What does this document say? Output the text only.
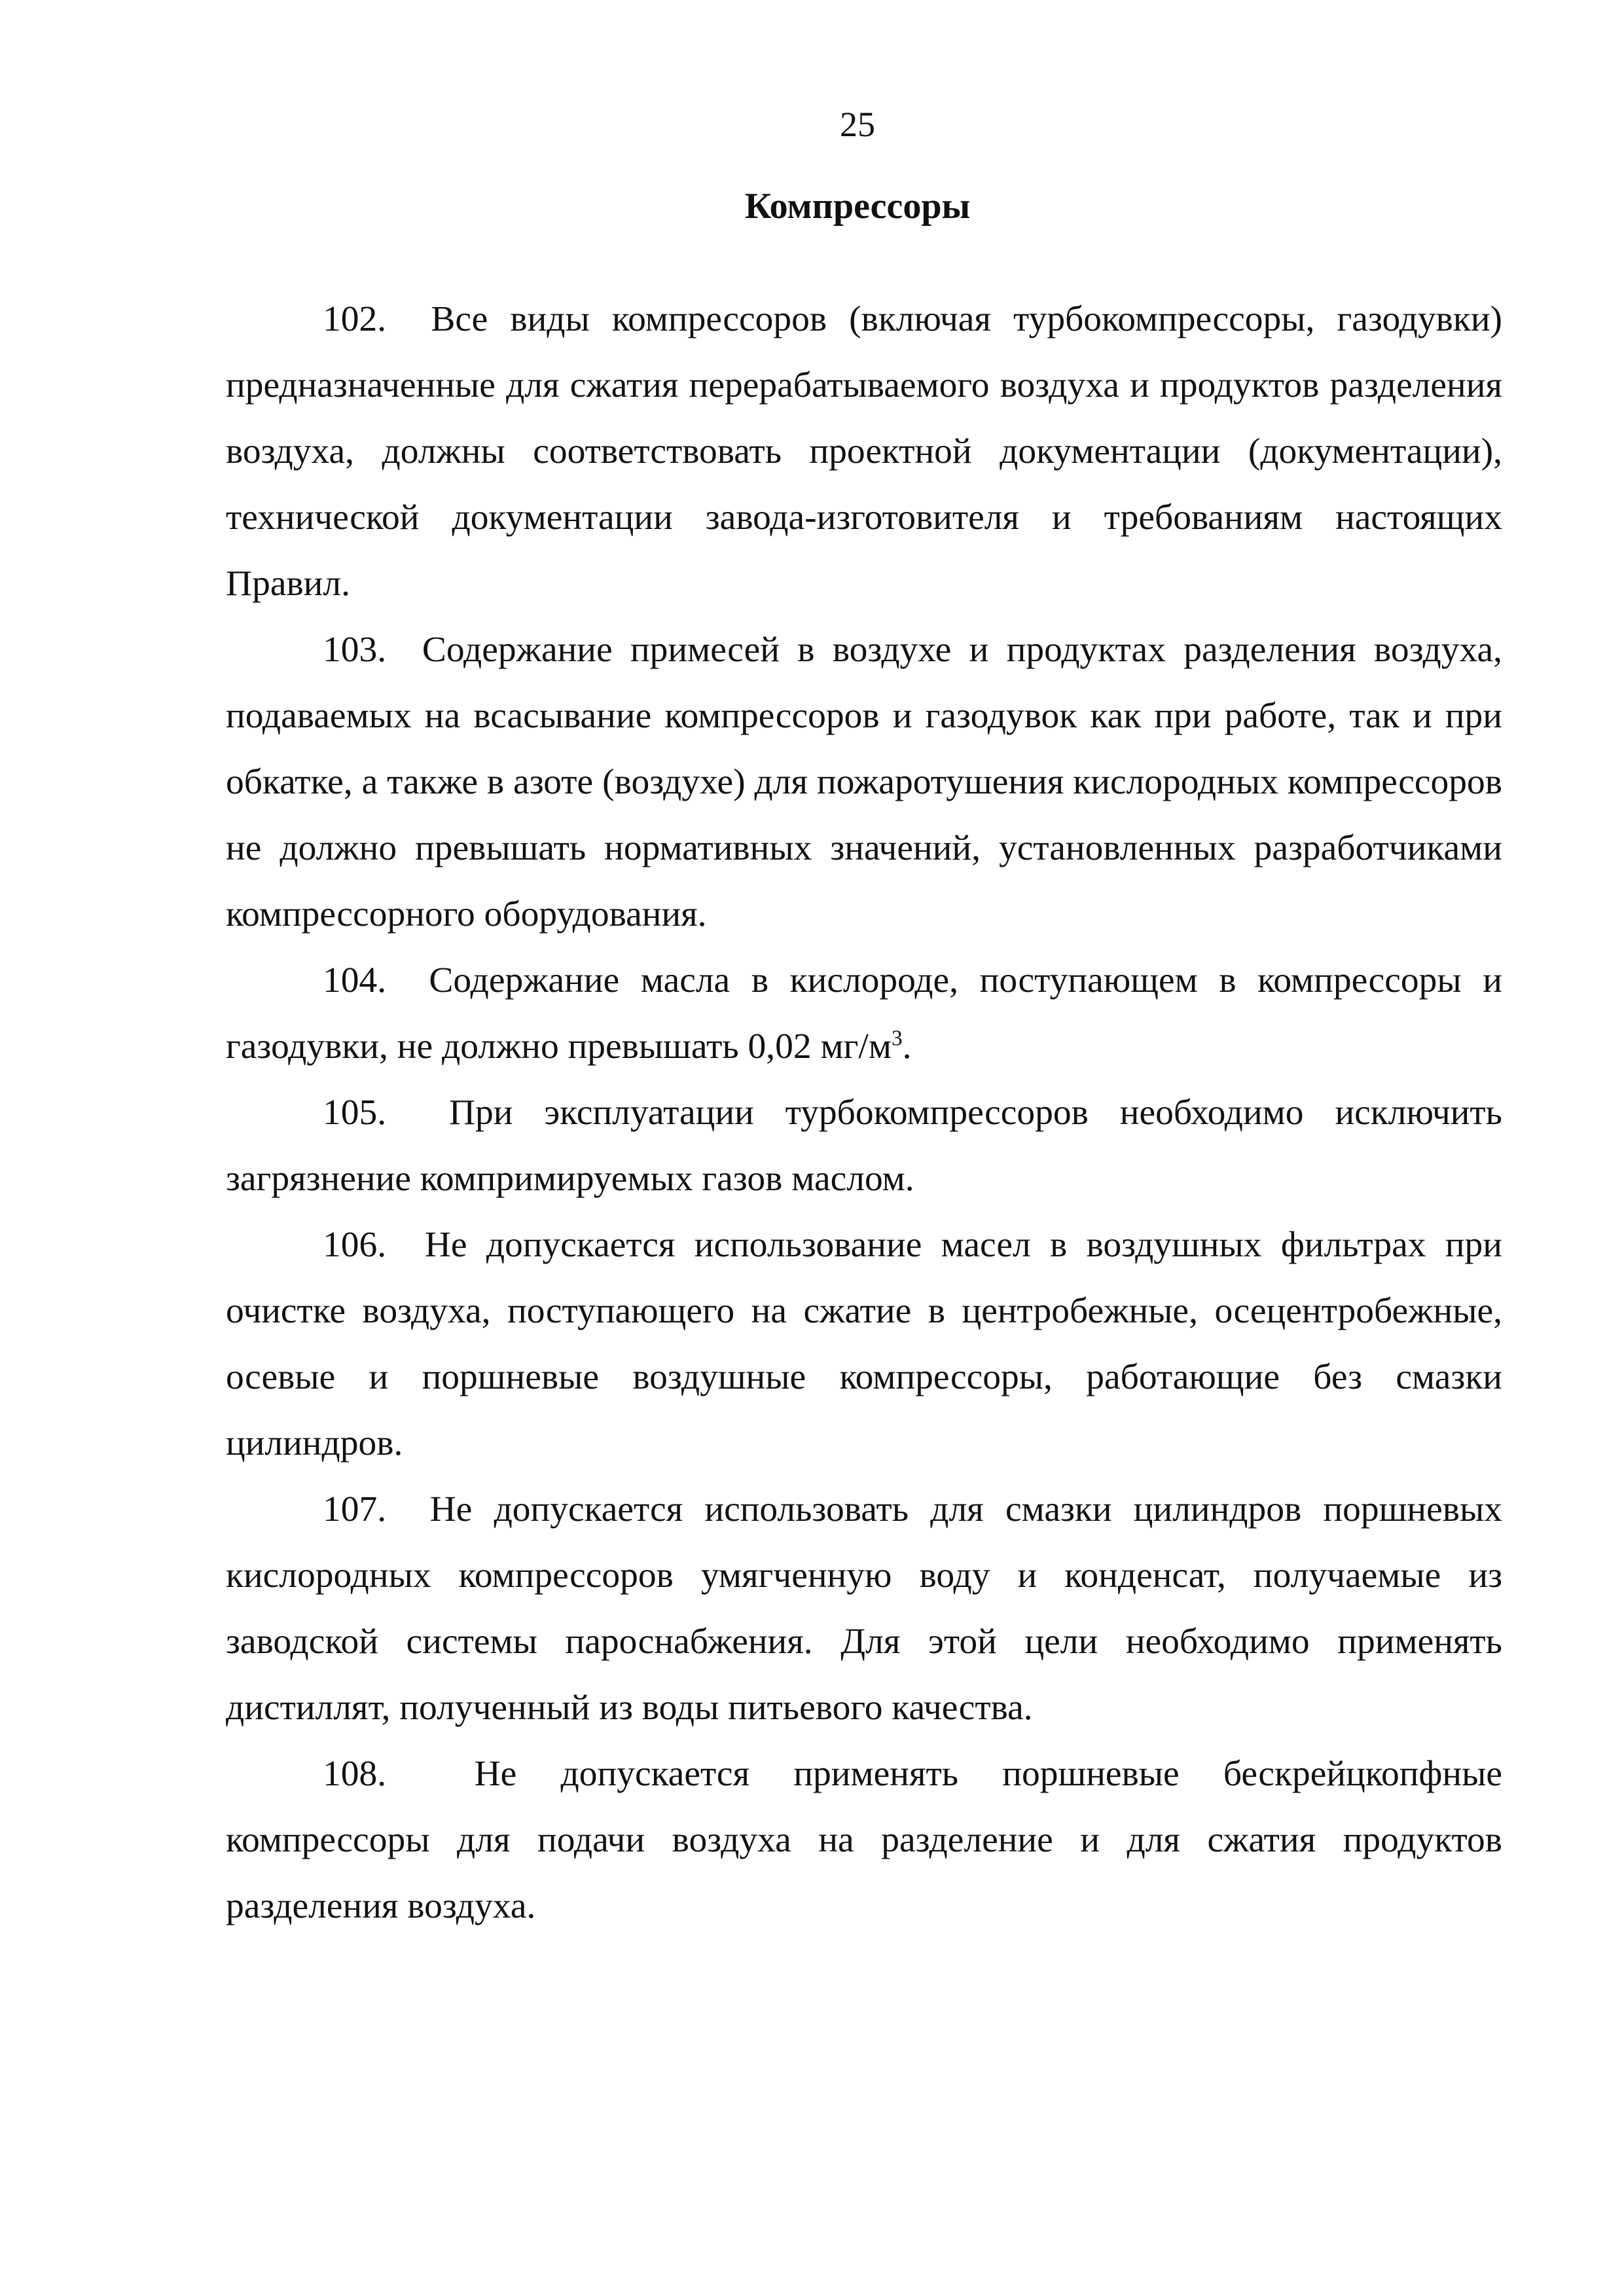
25
Компрессоры

102. Все виды компрессоров (включая турбокомпрессоры, газодувки) предназначенные для сжатия перерабатываемого воздуха и продуктов разделения воздуха, должны соответствовать проектной документации (документации), технической документации завода-изготовителя и требованиям настоящих Правил.

103. Содержание примесей в воздухе и продуктах разделения воздуха, подаваемых на всасывание компрессоров и газодувок как при работе, так и при обкатке, а также в азоте (воздухе) для пожаротушения кислородных компрессоров не должно превышать нормативных значений, установленных разработчиками компрессорного оборудования.

104. Содержание масла в кислороде, поступающем в компрессоры и газодувки, не должно превышать 0,02 $мг/м^3$.

105. При эксплуатации турбокомпрессоров необходимо исключить загрязнение компримируемых газов маслом.

106. Не допускается использование масел в воздушных фильтрах при очистке воздуха, поступающего на сжатие в центробежные, осецентробежные, осевые и поршневые воздушные компрессоры, работающие без смазки цилиндров.

107. Не допускается использовать для смазки цилиндров поршневых кислородных компрессоров умягченную воду и конденсат, получаемые из заводской системы пароснабжения. Для этой цели необходимо применять дистиллят, полученный из воды питьевого качества.

108. Не допускается применять поршневые бескрейцкопфные компрессоры для подачи воздуха на разделение и для сжатия продуктов разделения воздуха.
